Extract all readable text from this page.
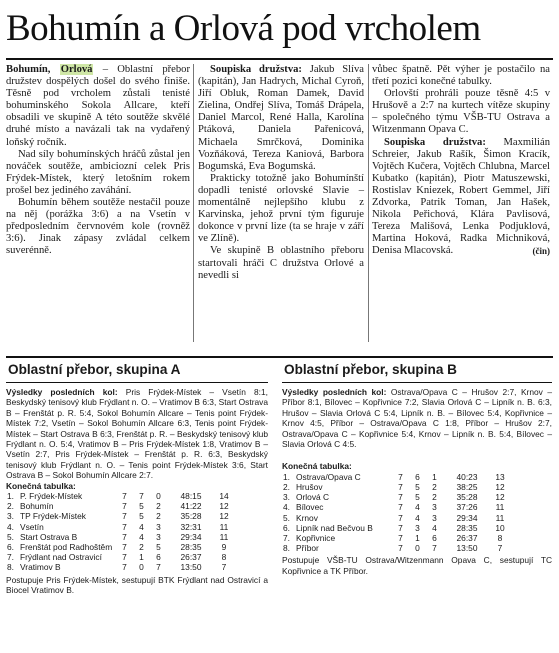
Bohumín a Orlová pod vrcholem

Bohumín, Orlová – Oblastní přebor družstev dospělých došel do svého finiše. Těsně pod vrcholem zůstali tenisté bohuminského Sokola Allcare, kteří obsadili ve skupině A této soutěže skvělé druhé místo a navázali tak na vydařený loňský ročník.

Nad síly bohumínských hráčů zůstal jen nováček soutěže, ambiciozní celek Pris Frýdek-Místek, který letošním rokem prošel bez jediného zaváhání.

Bohumín během soutěže nestačil pouze na něj (porážka 3:6) a na Vsetín v předposledním červnovém kole (rovněž 3:6). Jinak zápasy zvládal celkem suverénně.

Soupiska družstva: Jakub Slíva (kapitán), Jan Hadrych, Michal Cyroň, Jiří Obluk, Roman Damek, David Zielina, Ondřej Slíva, Tomáš Drápela, Daniel Marcol, René Halla, Karolína Ptáková, Daniela Pařenicová, Michaela Smrčková, Dominika Vozňáková, Tereza Kaniová, Barbora Bogumská, Eva Bogumská.

Prakticky totožně jako Bohumínští dopadli tenisté orlovské Slavie – momentálně nejlepšího klubu z Karvinska, jehož první tým figuruje dokonce v první lize (ta se hraje v září ve Zlíně).

Ve skupině B oblastního přeboru startovali hráči C družstva Orlové a nevedli si

vůbec špatně. Pět výher je postačilo na třetí pozici konečné tabulky.

Orlovští prohráli pouze těsně 4:5 v Hrušově a 2:7 na kurtech vítěze skupiny – společného týmu VŠB-TU Ostrava a Witzenmann Opava C.

Soupiska družstva: Maxmilián Schreier, Jakub Rašík, Šimon Kracík, Vojtěch Kučera, Vojtěch Chlubna, Marcel Kubatko (kapitán), Piotr Matuszewski, Rostislav Kniezek, Robert Gemmel, Jiří Zdvorka, Patrik Toman, Jan Hašek, Nikola Peřichová, Klára Pavlisová, Tereza Mališová, Lenka Podjuklová, Martina Hoková, Radka Michniková, Denisa Mlacovská.	(čin)

Oblastní přebor, skupina A	Oblastní přebor, skupina B

Výsledky posledních kol: Pris Frýdek-Místek – Vsetín 8:1, Beskydský tenisový klub Frýdlant n. O. – Vratimov B 6:3, Start Ostrava B – Frenštát p. R. 5:4, Sokol Bohumín Allcare – Tenis point Frýdek-Místek 7:2, Vsetín – Sokol Bohumín Allcare 6:3, Tenis point Frýdek-Místek – Start Ostrava B 6:3, Frenštát p. R. – Beskydský tenisový klub Frýdlant n. O. 5:4, Vratimov B – Pris Frýdek-Místek 1:8, Vratimov B – Vsetín 2:7, Pris Frýdek-Místek – Frenštát p. R. 6:3, Beskydský tenisový klub Frýdlant n. O. – Tenis point Frýdek-Místek 3:6, Start Ostrava B – Sokol Bohumín Allcare 2:7.

Konečná tabulka:

1.	P. Frýdek-Místek	7	7	0	48:15	14
2.	Bohumín	7	5	2	41:22	12
3.	TP Frýdek-Místek	7	5	2	35:28	12
4.	Vsetín	7	4	3	32:31	11
5.	Start Ostrava B	7	4	3	29:34	11
6.	Frenštát pod Radhoštěm	7	2	5	28:35	9
7.	Frýdlant nad Ostravicí	7	1	6	26:37	8
8.	Vratimov B	7	0	7	13:50	7

Postupuje Pris Frýdek-Místek, sestupují BTK Frýdlant nad Ostravicí a Biocel Vratimov B.

Výsledky posledních kol: Ostrava/Opava C – Hrušov 2:7, Krnov – Příbor 8:1, Bílovec – Kopřivnice 7:2, Slavia Orlová C – Lipník n. B. 6:3, Hrušov – Slavia Orlová C 5:4, Lipník n. B. – Bílovec 5:4, Kopřivnice – Krnov 4:5, Příbor – Ostrava/Opava C 1:8, Příbor – Hrušov 2:7, Ostrava/Opava C – Kopřivnice 5:4, Krnov – Lipník n. B. 5:4, Bílovec – Slavia Orlová C 4:5.

Konečná tabulka:

1.	Ostrava/Opava C	7	6	1	40:23	13
2.	Hrušov	7	5	2	38:25	12
3.	Orlová C	7	5	2	35:28	12
4.	Bílovec	7	4	3	37:26	11
5.	Krnov	7	4	3	29:34	11
6.	Lipník nad Bečvou B	7	3	4	28:35	10
7.	Kopřivnice	7	1	6	26:37	8
8.	Příbor	7	0	7	13:50	7

Postupuje VŠB-TU Ostrava/Witzenmann Opava C, sestupují TC Kopřivnice a TK Příbor.
